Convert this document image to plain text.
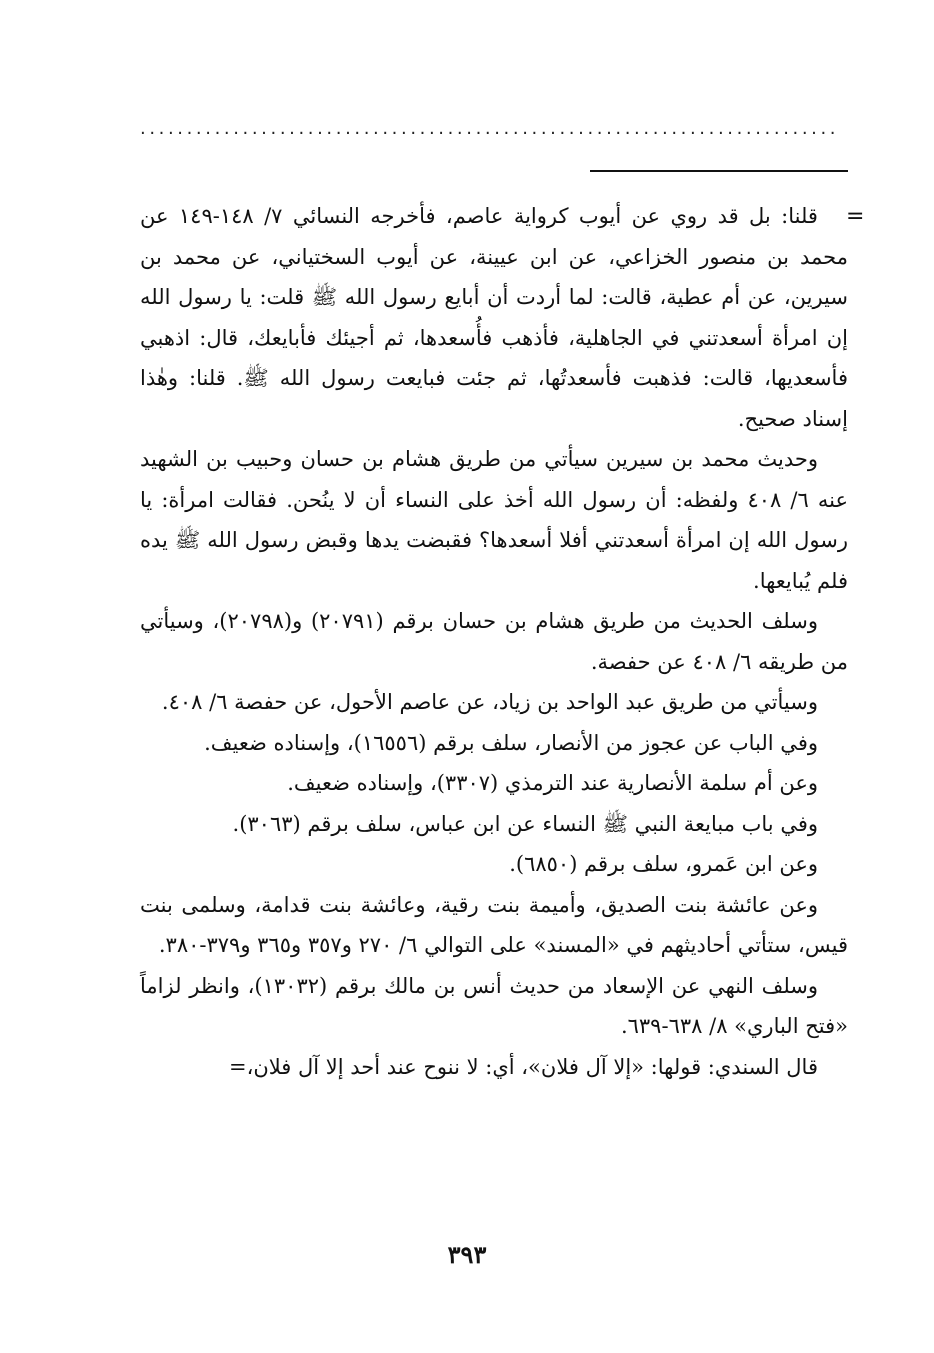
...........................................................................
=

قلنا: بل قد روي عن أيوب كرواية عاصم، فأخرجه النسائي ٧/ ١٤٨-١٤٩ عن محمد بن منصور الخزاعي، عن ابن عيينة، عن أيوب السختياني، عن محمد بن سيرين، عن أم عطية، قالت: لما أردت أن أبايع رسول الله ﷺ قلت: يا رسول الله إن امرأة أسعدتني في الجاهلية، فأذهب فأُسعدها، ثم أجيئك فأبايعك، قال: اذهبي فأسعديها، قالت: فذهبت فأسعدتُها، ثم جئت فبايعت رسول الله ﷺ. قلنا: وهٰذا إسناد صحيح.

وحديث محمد بن سيرين سيأتي من طريق هشام بن حسان وحبيب بن الشهيد عنه ٦/ ٤٠٨ ولفظه: أن رسول الله أخذ على النساء أن لا ينُحن. فقالت امرأة: يا رسول الله إن امرأة أسعدتني أفلا أسعدها؟ فقبضت يدها وقبض رسول الله ﷺ يده فلم يُبايعها.

وسلف الحديث من طريق هشام بن حسان برقم (٢٠٧٩١) و(٢٠٧٩٨)، وسيأتي من طريقه ٦/ ٤٠٨ عن حفصة.

وسيأتي من طريق عبد الواحد بن زياد، عن عاصم الأحول، عن حفصة ٦/ ٤٠٨.

وفي الباب عن عجوز من الأنصار، سلف برقم (١٦٥٥٦)، وإسناده ضعيف.

وعن أم سلمة الأنصارية عند الترمذي (٣٣٠٧)، وإسناده ضعيف.

وفي باب مبايعة النبي ﷺ النساء عن ابن عباس، سلف برقم (٣٠٦٣).

وعن ابن عَمرو، سلف برقم (٦٨٥٠).

وعن عائشة بنت الصديق، وأميمة بنت رقية، وعائشة بنت قدامة، وسلمى بنت قيس، ستأتي أحاديثهم في «المسند» على التوالي ٦/ ٢٧٠ و٣٥٧ و٣٦٥ و٣٧٩-٣٨٠.

وسلف النهي عن الإسعاد من حديث أنس بن مالك برقم (١٣٠٣٢)، وانظر لزاماً «فتح الباري» ٨/ ٦٣٨-٦٣٩.

قال السندي: قولها: «إلا آل فلان»، أي: لا ننوح عند أحد إلا آل فلان،=

٣٩٣
